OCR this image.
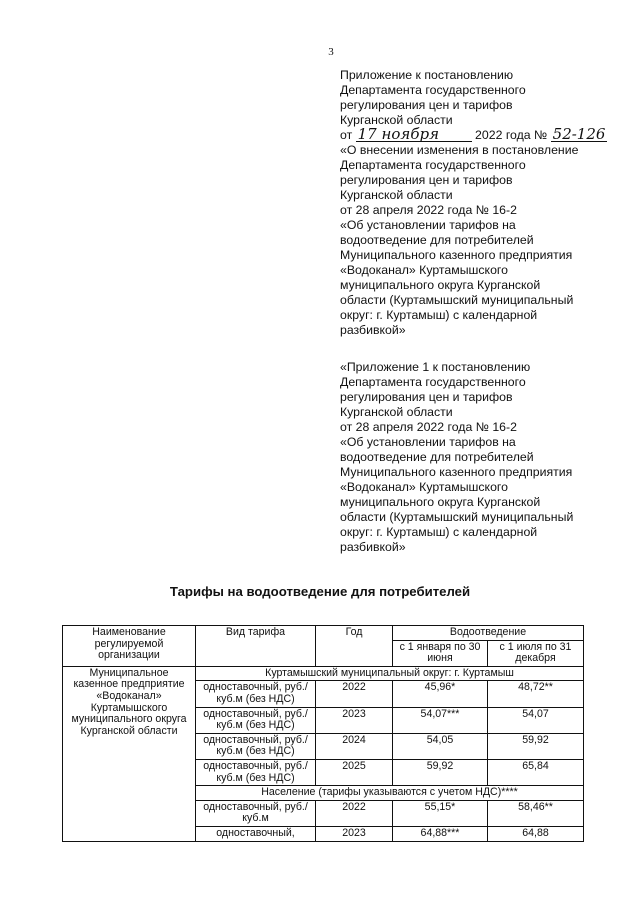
3
Приложение к постановлению
Департамента государственного
регулирования цен и тарифов
Курганской области
от 17 ноября	2022 года № 52-126
«О внесении изменения в постановление
Департамента государственного
регулирования цен и тарифов
Курганской области
от 28 апреля 2022 года № 16-2
«Об установлении тарифов на
водоотведение для потребителей
Муниципального казенного предприятия
«Водоканал» Куртамышского
муниципального округа Курганской
области (Куртамышский муниципальный
округ: г. Куртамыш) с календарной
разбивкой»
«Приложение 1 к постановлению
Департамента государственного
регулирования цен и тарифов
Курганской области
от 28 апреля 2022 года № 16-2
«Об установлении тарифов на
водоотведение для потребителей
Муниципального казенного предприятия
«Водоканал» Куртамышского
муниципального округа Курганской
области (Куртамышский муниципальный
округ: г. Куртамыш) с календарной
разбивкой»
Тарифы на водоотведение для потребителей
Наименование регулируемой организации	Вид тарифа	Год	Водоотведение	
			с 1 января по 30 июня	с 1 июля по 31 декабря
Муниципальное казенное предприятие «Водоканал» Куртамышского муниципального округа Курганской области	Куртамышский муниципальный округ: г. Куртамыш			
	одноставочный, руб./куб.м (без НДС)	2022	45,96*	48,72**
	одноставочный, руб./куб.м (без НДС)	2023	54,07***	54,07
	одноставочный, руб./куб.м (без НДС)	2024	54,05	59,92
	одноставочный, руб./куб.м (без НДС)	2025	59,92	65,84
	Население (тарифы указываются с учетом НДС)****			
	одноставочный, руб./куб.м	2022	55,15*	58,46**
	одноставочный,	2023	64,88***	64,88
